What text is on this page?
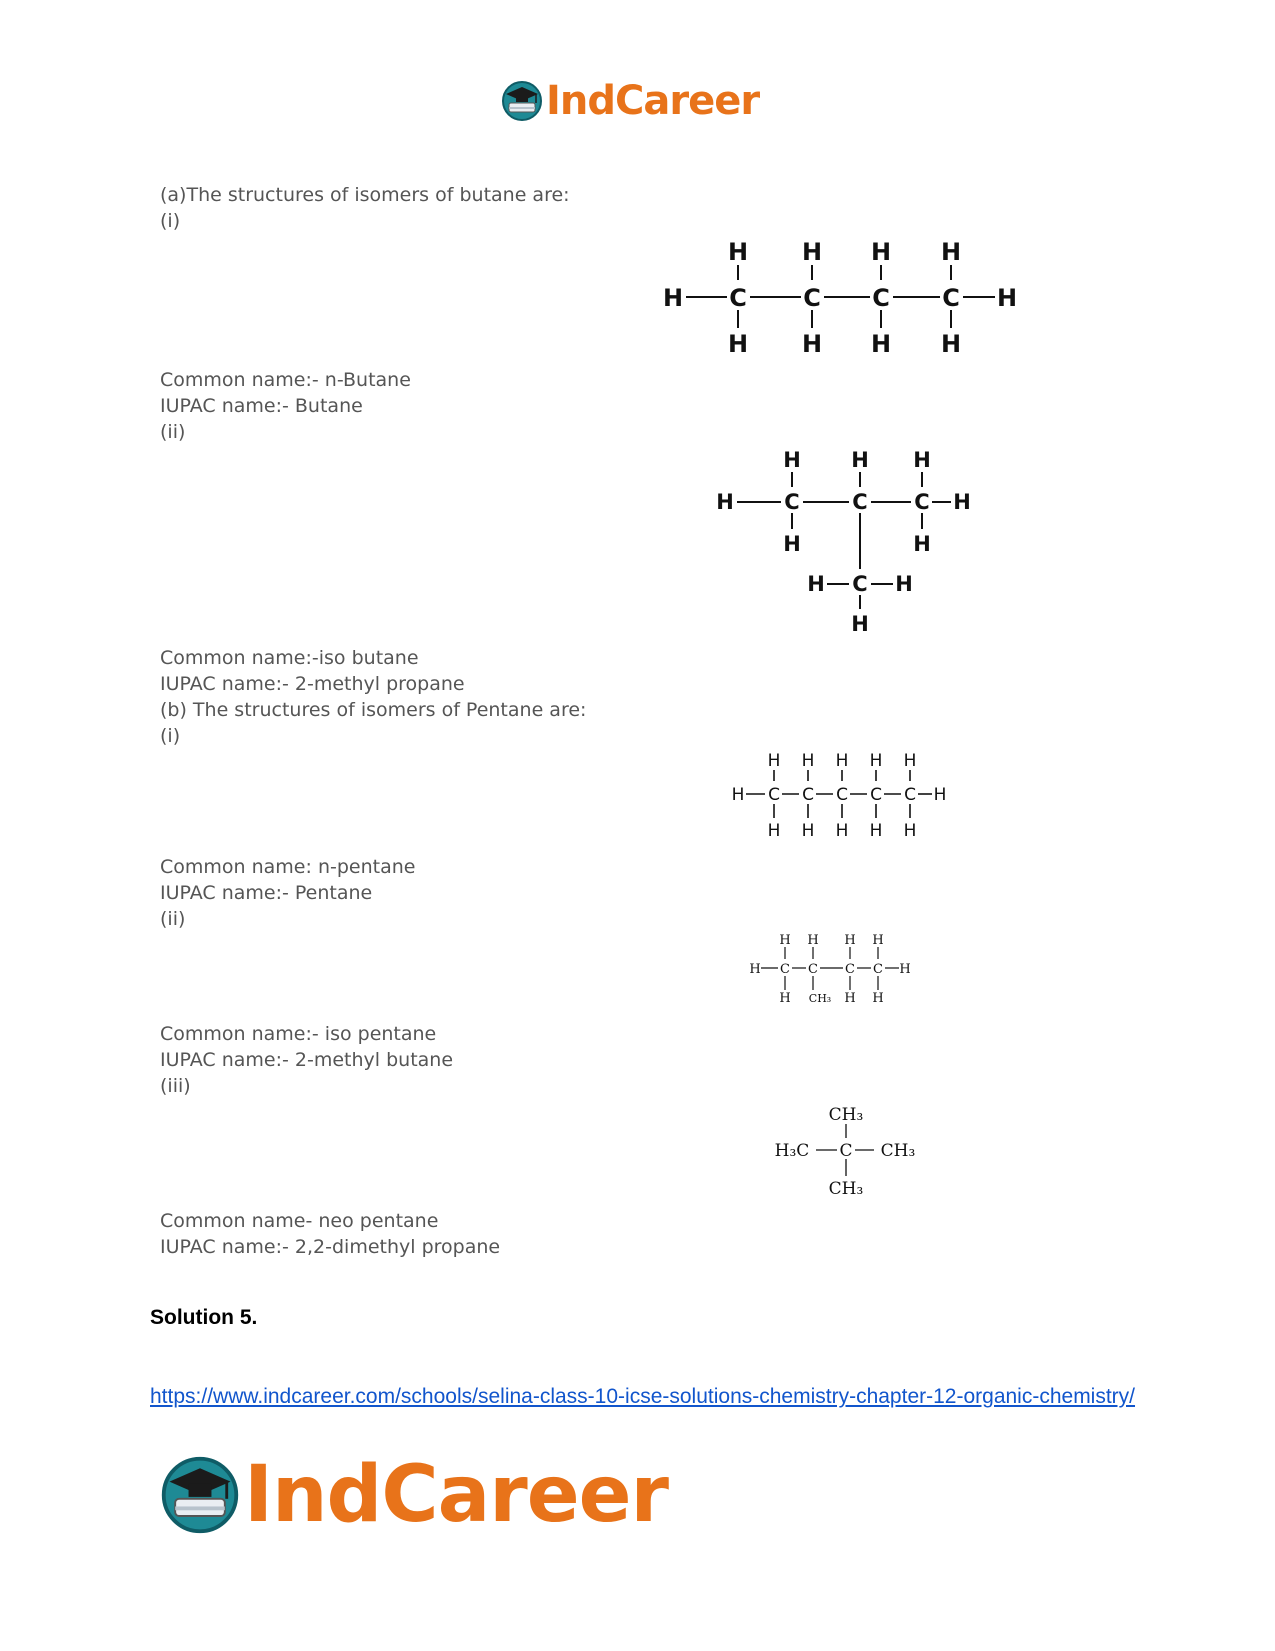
IndCareer
(a)The structures of isomers of butane are:
(i)
H H H H
H C C C C H
H H H H
Common name:- n-Butane
IUPAC name:- Butane
(ii)
H H H
H C	C C H
H	H
H C H
H
Common name:-iso butane
IUPAC name:- 2-methyl propane
(b) The structures of isomers of Pentane are:
(i)
H H H H H
H C C C C C H
H H H H H
Common name: n-pentane
IUPAC name:- Pentane
(ii)
H H H H
H C C C C H
H CH₃ H H
Common name:- iso pentane
IUPAC name:- 2-methyl butane
(iii)
CH₃
H₃C C CH₃
CH₃
Common name- neo pentane
IUPAC name:- 2,2-dimethyl propane
Solution 5.
https://www.indcareer.com/schools/selina-class-10-icse-solutions-chemistry-chapter-12-organic-chemistry/
IndCareer
